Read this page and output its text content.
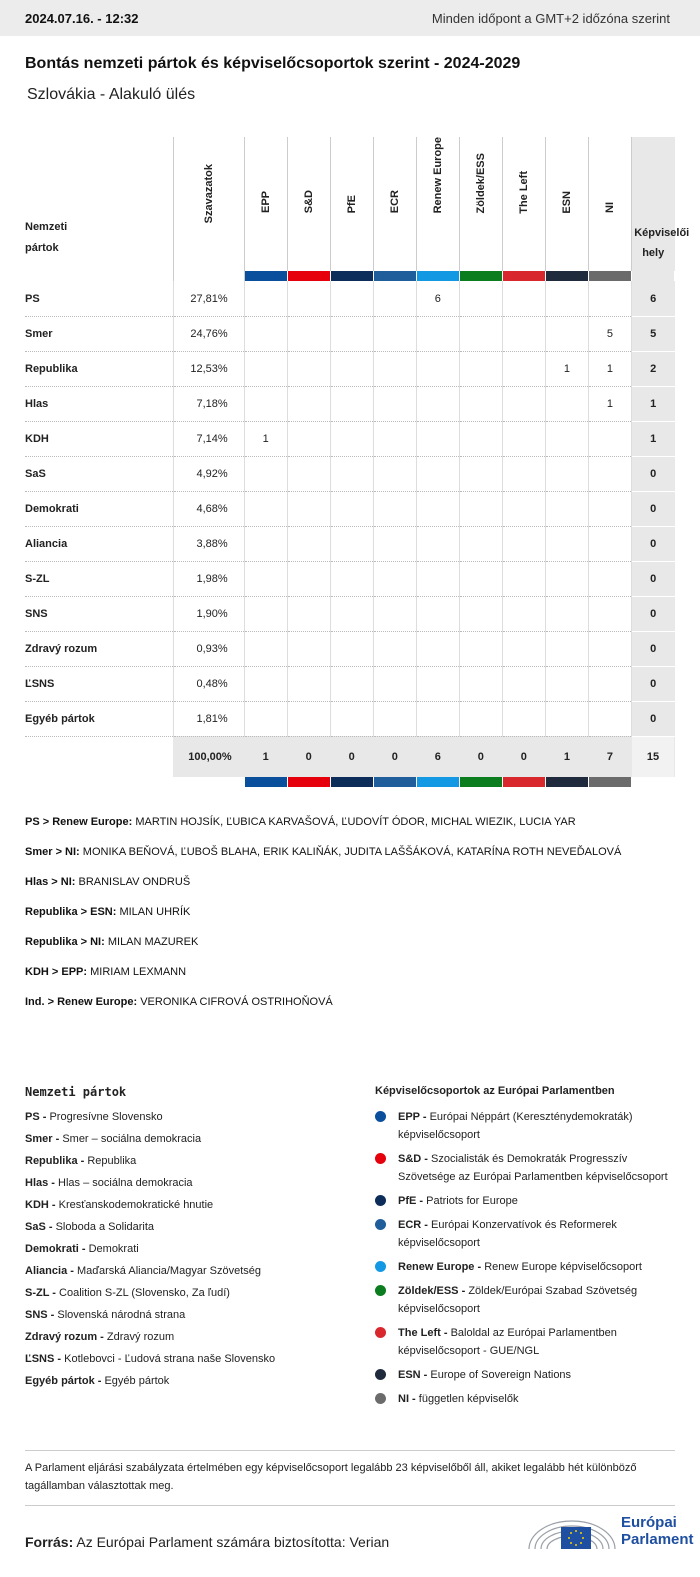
2024.07.16. - 12:32	Minden időpont a GMT+2 időzóna szerint
Bontás nemzeti pártok és képviselőcsoportok szerint - 2024-2029
Szlovákia - Alakuló ülés
Nemzeti pártok	Szavazatok	EPP	S&D	PfE	ECR	Renew Europe	Zöldek/ESS	The Left	ESN	NI	Képviselői hely

PS	27,81%					6					6
Smer	24,76%									5	5
Republika	12,53%								1	1	2
Hlas	7,18%									1	1
KDH	7,14%	1									1
SaS	4,92%										0
Demokrati	4,68%										0
Aliancia	3,88%										0
S-ZL	1,98%										0
SNS	1,90%										0
Zdravý rozum	0,93%										0
ĽSNS	0,48%										0
Egyéb pártok	1,81%										0
	100,00%	1	0	0	0	6	0	0	1	7	15

PS > Renew Europe: MARTIN HOJSÍK, ĽUBICA KARVAŠOVÁ, ĽUDOVÍT ÓDOR, MICHAL WIEZIK, LUCIA YAR

Smer > NI: MONIKA BEŇOVÁ, ĽUBOŠ BLAHA, ERIK KALIŇÁK, JUDITA LAŠŠÁKOVÁ, KATARÍNA ROTH NEVEĎALOVÁ

Hlas > NI: BRANISLAV ONDRUŠ

Republika > ESN: MILAN UHRÍK

Republika > NI: MILAN MAZUREK

KDH > EPP: MIRIAM LEXMANN

Ind. > Renew Europe: VERONIKA CIFROVÁ OSTRIHOŇOVÁ

Nemzeti pártok

PS - Progresívne Slovensko

Smer - Smer – sociálna demokracia

Republika - Republika

Hlas - Hlas – sociálna demokracia

KDH - Kresťanskodemokratické hnutie

SaS - Sloboda a Solidarita

Demokrati - Demokrati

Aliancia - Maďarská Aliancia/Magyar Szövetség

S-ZL - Coalition S-ZL (Slovensko, Za ľudí)

SNS - Slovenská národná strana

Zdravý rozum - Zdravý rozum

ĽSNS - Kotlebovci - Ľudová strana naše Slovensko

Egyéb pártok - Egyéb pártok

Képviselőcsoportok az Európai Parlamentben
EPP - Európai Néppárt (Kereszténydemokraták) képviselőcsoport
S&D - Szocialisták és Demokraták Progresszív Szövetsége az Európai Parlamentben képviselőcsoport
PfE - Patriots for Europe
ECR - Európai Konzervatívok és Reformerek képviselőcsoport
Renew Europe - Renew Europe képviselőcsoport
Zöldek/ESS - Zöldek/Európai Szabad Szövetség képviselőcsoport
The Left - Baloldal az Európai Parlamentben képviselőcsoport - GUE/NGL
ESN - Europe of Sovereign Nations
NI - független képviselők
A Parlament eljárási szabályzata értelmében egy képviselőcsoport legalább 23 képviselőből áll, akiket legalább hét különböző tagállamban választottak meg.
Forrás: Az Európai Parlament számára biztosította: Verian
Európai
Parlament
